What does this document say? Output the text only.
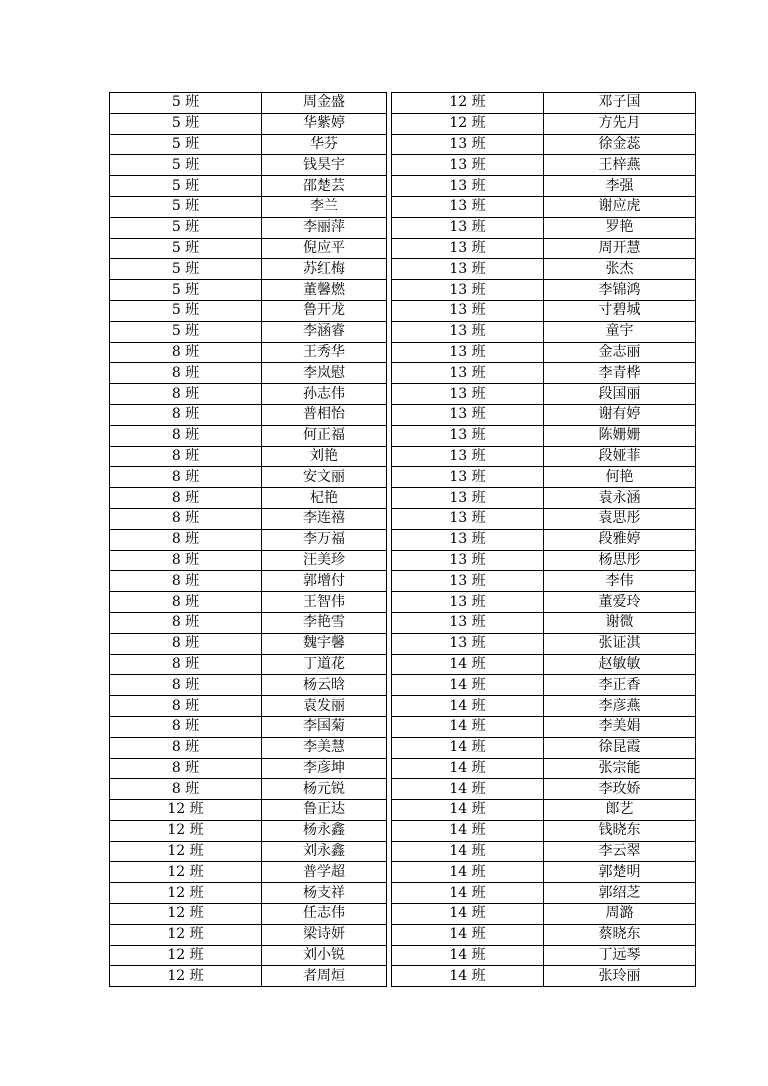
5 班	周金盛
5 班	华紫婷
5 班	华芬
5 班	钱昊宇
5 班	邵楚芸
5 班	李兰
5 班	李丽萍
5 班	倪应平
5 班	苏红梅
5 班	董馨燃
5 班	鲁开龙
5 班	李涵睿
8 班	王秀华
8 班	李岚慰
8 班	孙志伟
8 班	普相怡
8 班	何正福
8 班	刘艳
8 班	安文丽
8 班	杞艳
8 班	李连禧
8 班	李万福
8 班	汪美珍
8 班	郭增付
8 班	王智伟
8 班	李艳雪
8 班	魏宇馨
8 班	丁道花
8 班	杨云晗
8 班	袁发丽
8 班	李国菊
8 班	李美慧
8 班	李彦坤
8 班	杨元锐
12 班	鲁正达
12 班	杨永鑫
12 班	刘永鑫
12 班	普学超
12 班	杨支祥
12 班	任志伟
12 班	梁诗妍
12 班	刘小锐
12 班	者周烜
12 班	邓子国
12 班	方先月
13 班	徐金蕊
13 班	王梓燕
13 班	李强
13 班	谢应虎
13 班	罗艳
13 班	周开慧
13 班	张杰
13 班	李锦鸿
13 班	寸碧城
13 班	童宇
13 班	金志丽
13 班	李青桦
13 班	段国丽
13 班	谢有婷
13 班	陈姗姗
13 班	段娅菲
13 班	何艳
13 班	袁永涵
13 班	袁思彤
13 班	段雅婷
13 班	杨思彤
13 班	李伟
13 班	董爱玲
13 班	谢微
13 班	张证淇
14 班	赵敏敏
14 班	李正香
14 班	李彦燕
14 班	李美娟
14 班	徐昆霞
14 班	张宗能
14 班	李玫娇
14 班	郎艺
14 班	钱晓东
14 班	李云翠
14 班	郭楚明
14 班	郭绍芝
14 班	周潞
14 班	蔡晓东
14 班	丁远琴
14 班	张玲丽
